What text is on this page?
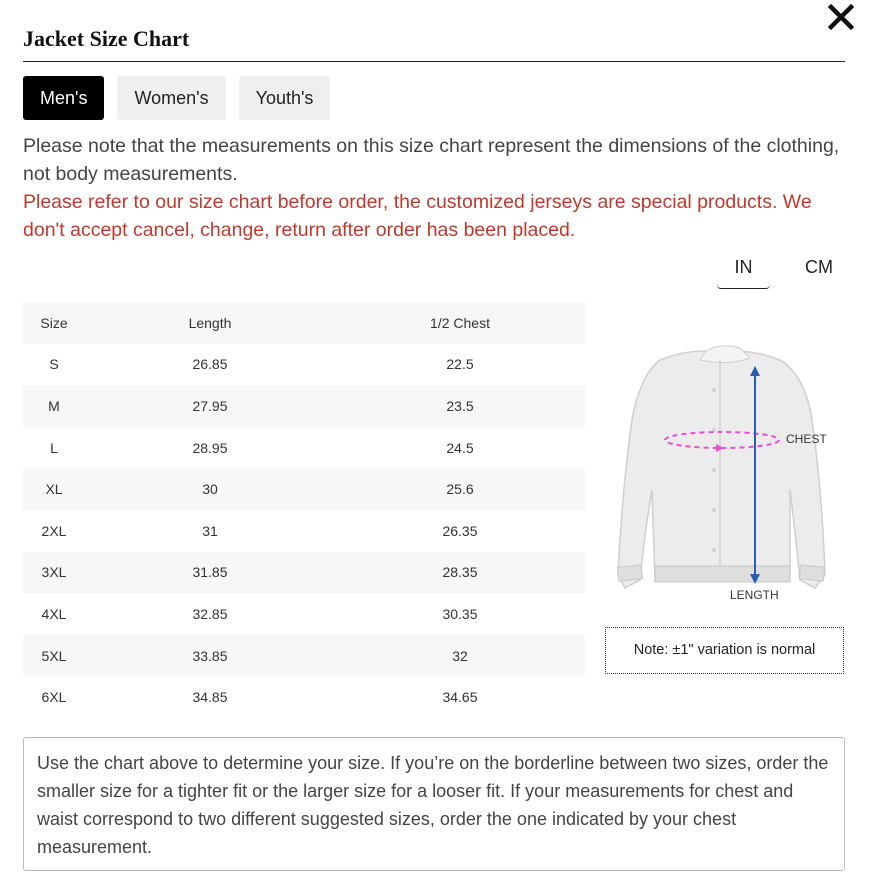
Jacket Size Chart
Men's	Women's	Youth's
Please note that the measurements on this size chart represent the dimensions of the clothing, not body measurements.
Please refer to our size chart before order, the customized jerseys are special products. We don't accept cancel, change, return after order has been placed.
IN	CM
Size	Length	1/2 Chest
S	26.85	22.5
M	27.95	23.5
L	28.95	24.5
XL	30	25.6
2XL	31	26.35
3XL	31.85	28.35
4XL	32.85	30.35
5XL	33.85	32
6XL	34.85	34.65
CHEST
LENGTH
Note: ±1" variation is normal
Use the chart above to determine your size. If you’re on the borderline between two sizes, order the smaller size for a tighter fit or the larger size for a looser fit. If your measurements for chest and waist correspond to two different suggested sizes, order the one indicated by your chest measurement.
